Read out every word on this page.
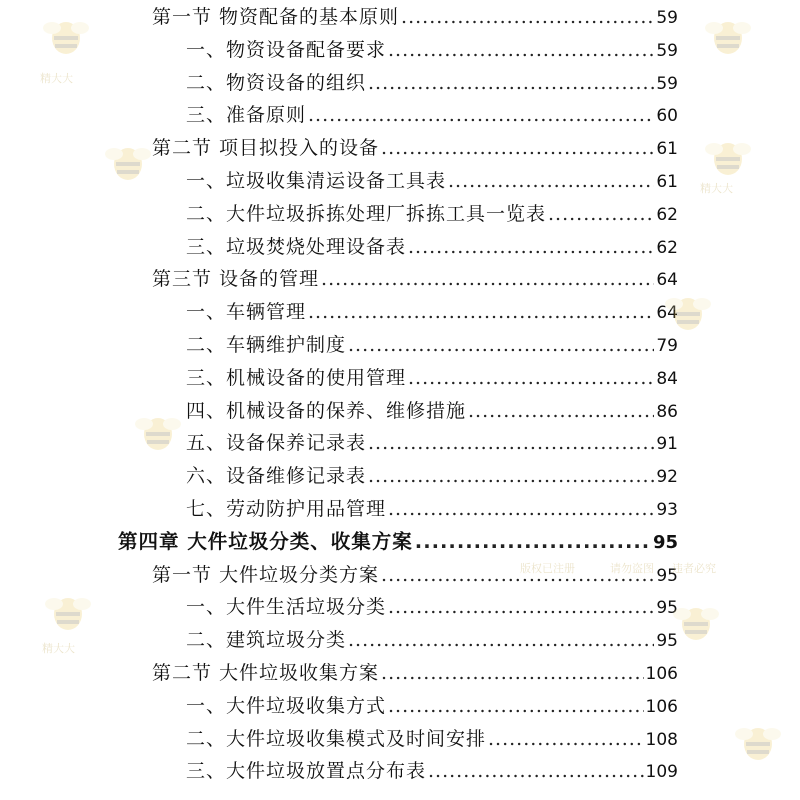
第一节 物资配备的基本原则 .....	59
一、物资设备配备要求 .....	59
二、物资设备的组织 .....	59
三、准备原则 .....	60
第二节 项目拟投入的设备 .....	61
一、垃圾收集清运设备工具表 .....	61
二、大件垃圾拆拣处理厂拆拣工具一览表 .....	62
三、垃圾焚烧处理设备表 .....	62
第三节 设备的管理 .....	64
一、车辆管理 .....	64
二、车辆维护制度 .....	79
三、机械设备的使用管理 .....	84
四、机械设备的保养、维修措施 .....	86
五、设备保养记录表 .....	91
六、设备维修记录表 .....	92
七、劳动防护用品管理 .....	93
第四章 大件垃圾分类、收集方案 .....	95
第一节 大件垃圾分类方案 .....	95
一、大件生活垃圾分类 .....	95
二、建筑垃圾分类 .....	95
第二节 大件垃圾收集方案 .....	106
一、大件垃圾收集方式 .....	106
二、大件垃圾收集模式及时间安排 .....	108
三、大件垃圾放置点分布表 .....	109
精大大
精大大
精大大
版权已注册	请勿盗图 违者必究
